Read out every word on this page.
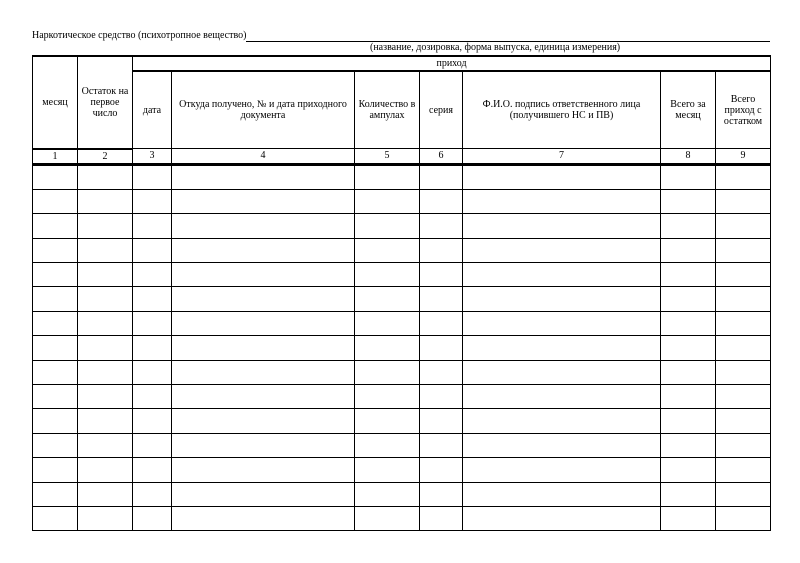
Наркотическое средство (психотропное вещество)
(название, дозировка, форма выпуска, единица измерения)
месяц	Остаток на первое число	приход						
		дата	Откуда получено, № и дата приходного документа	Количество в ампулах	серия	Ф.И.О. подпись ответственного лица (получившего НС и ПВ)	Всего за месяц	Всего приход с остатком
1	2	3	4	5	6	7	8	9
